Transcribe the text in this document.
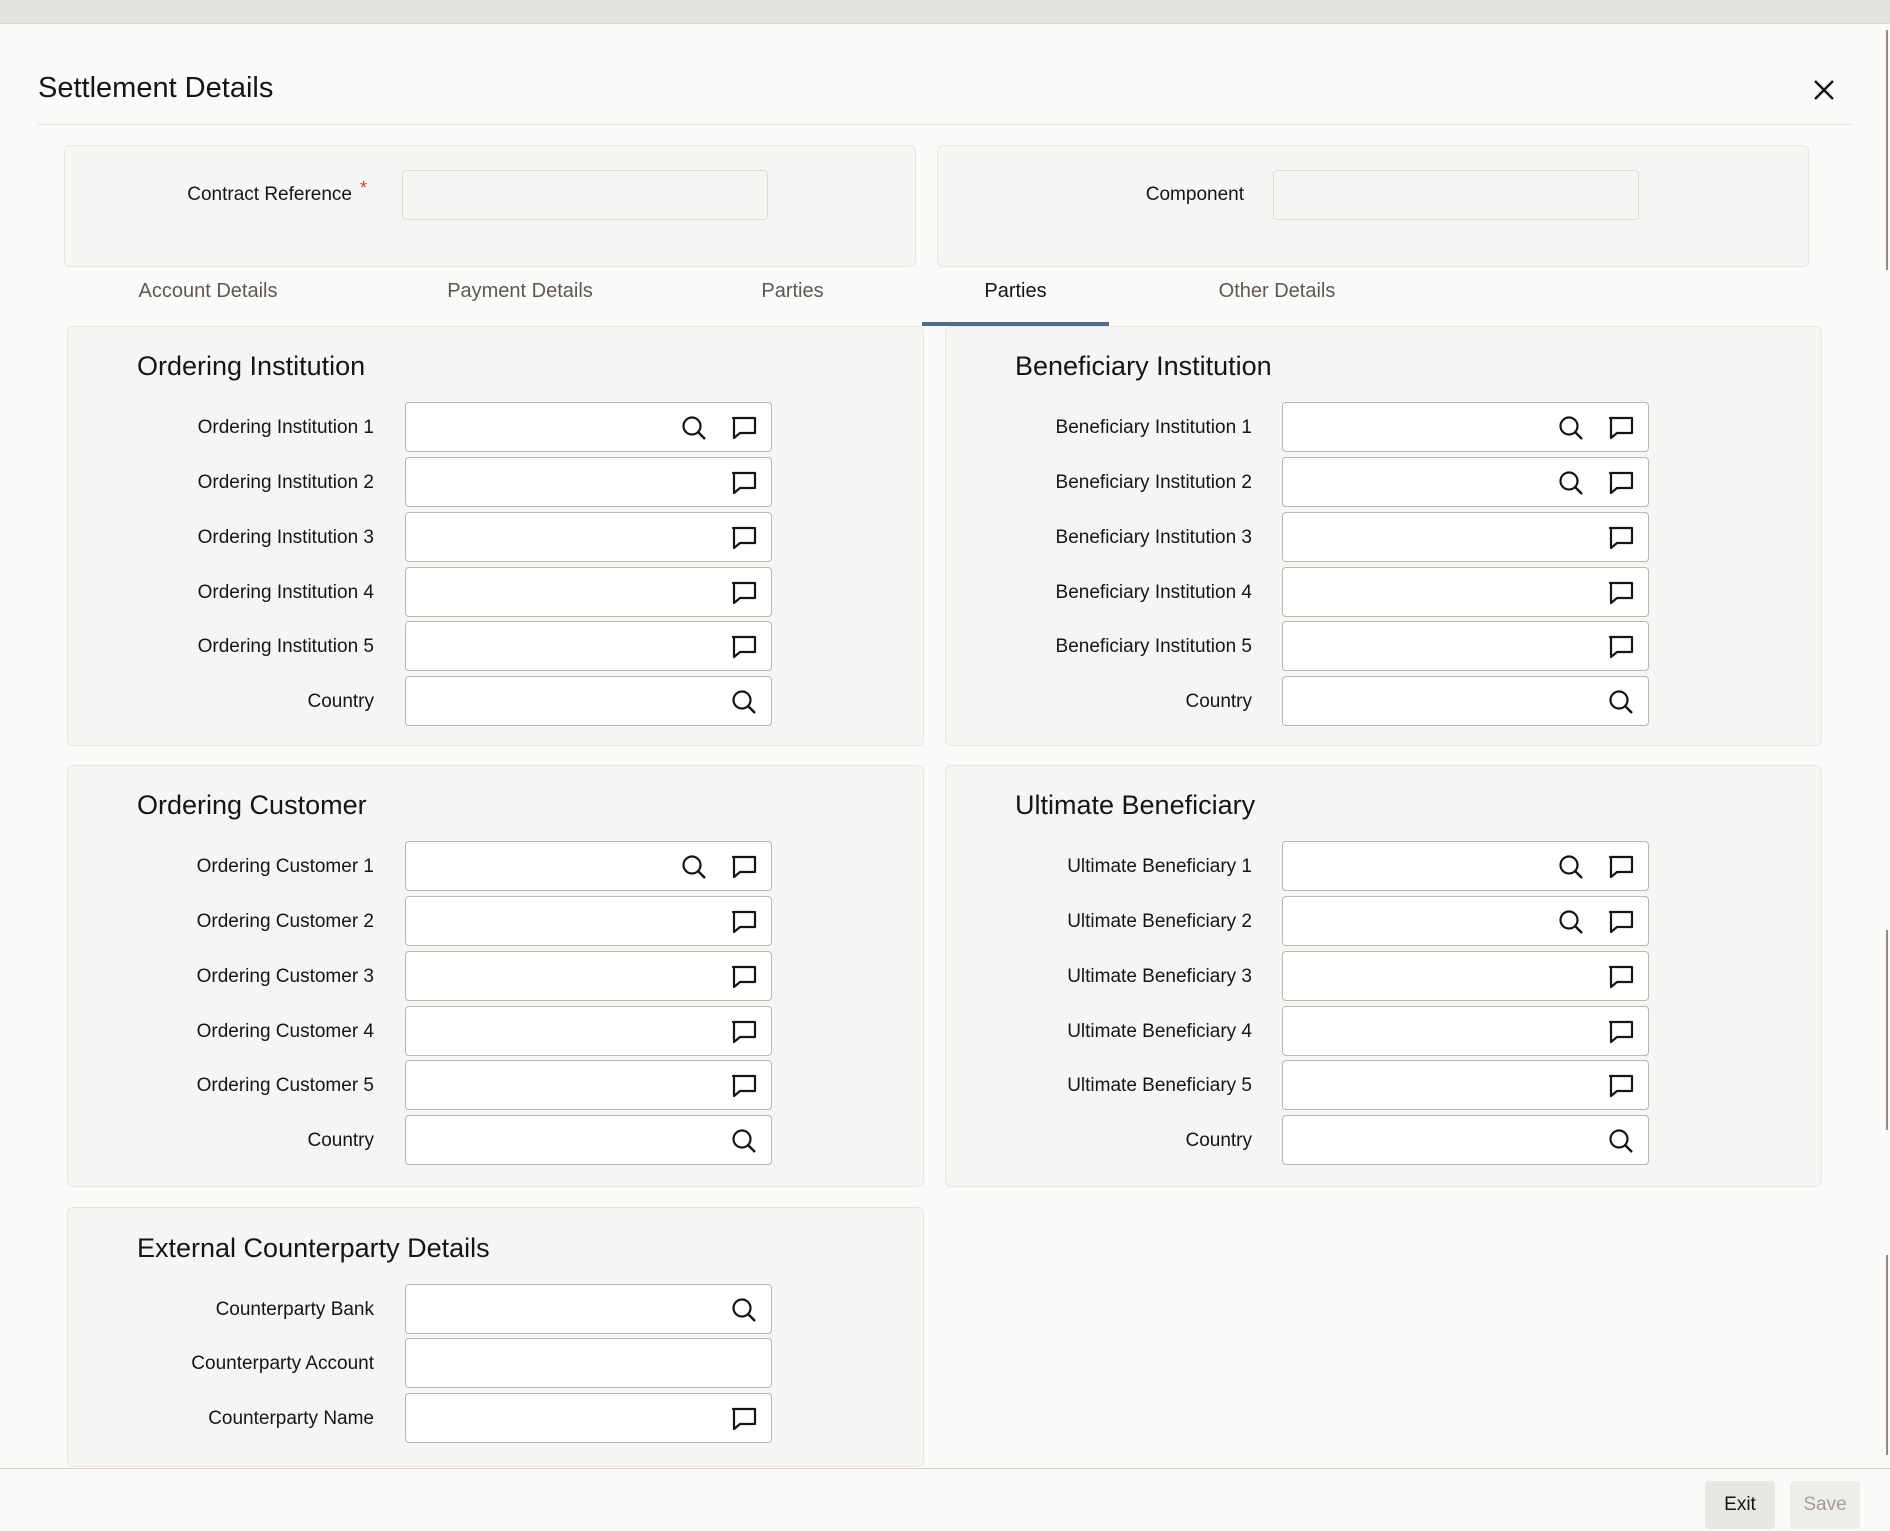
Settlement Details
Contract Reference *	Component
Account Details	Payment Details	Parties	Parties	Other Details
Ordering Institution	Beneficiary Institution
Ordering Customer	Ultimate Beneficiary
External Counterparty Details
Ordering Institution 1
Ordering Institution 2
Ordering Institution 3
Ordering Institution 4
Ordering Institution 5
Country
Beneficiary Institution 1
Beneficiary Institution 2
Beneficiary Institution 3
Beneficiary Institution 4
Beneficiary Institution 5
Country
Ordering Customer 1
Ordering Customer 2
Ordering Customer 3
Ordering Customer 4
Ordering Customer 5
Country
Ultimate Beneficiary 1
Ultimate Beneficiary 2
Ultimate Beneficiary 3
Ultimate Beneficiary 4
Ultimate Beneficiary 5
Country
Counterparty Bank
Counterparty Account
Counterparty Name
Exit	Save
